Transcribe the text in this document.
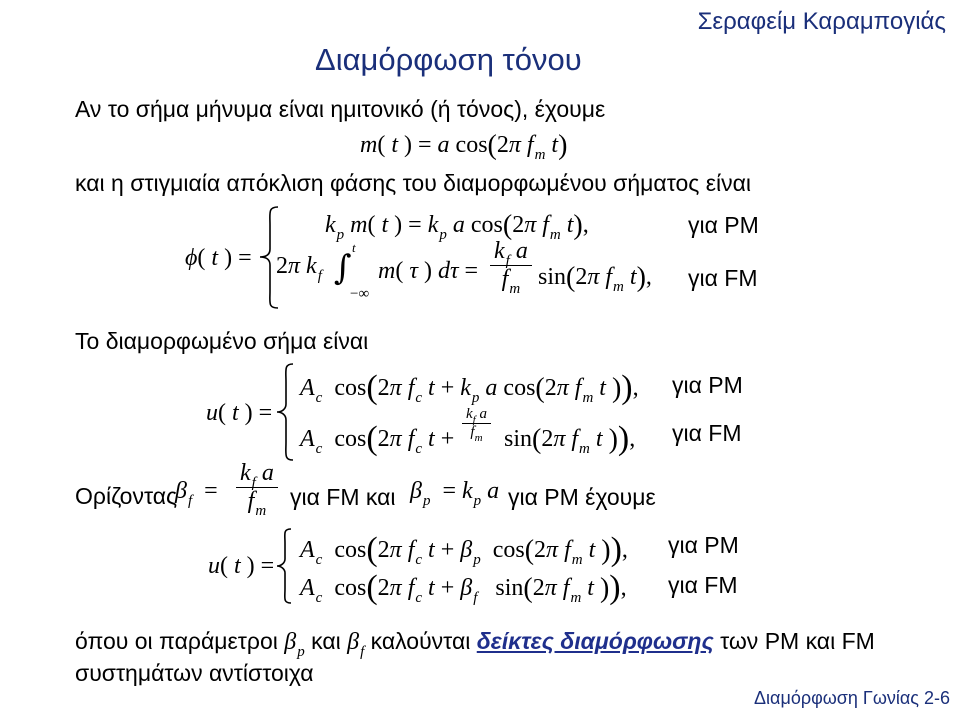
Σεραφείμ Καραμπογιάς
Διαμόρφωση τόνου
Αν το σήμα μήνυμα είναι ημιτονικό (ή τόνος), έχουμε
m( t ) = a cos(2π $f_m$ t)
και η στιγμιαία απόκλιση φάσης του διαμορφωμένου σήματος είναι
ϕ( t ) =
$k_p$ m( t ) = $k_p$ a cos(2π $f_m$ t),	για PM
2π $k_f$ ∫
t
−∞
m( τ ) $d\tau = \frac{k_f a}{f_m} \sin(2\pi$ $f_m$ t), για FM
Το διαμορφωμένο σήμα είναι
u( t ) =
$A_c$  cos(2π $f_c$ $t + k_p$ a cos(2π $f_m$ t )), για PM
$A_c$  cos(2π $f_c$ $t + \frac{k_f a}{f_m} \sin(2\pi$ $f_m$ t )), για FM
Ορίζοντας
$\beta_f = \frac{k_f a}{f_m}$ για FM και $\beta_p = k_p$ a για PM έχουμε
u( t ) =
$A_c$  cos(2π $f_c$ $t + \beta_p$  cos(2π $f_m$ t )), για PM
$A_c$  cos(2π $f_c$ $t + \beta_f$   sin(2π $f_m$ t )), για FM
όπου οι παράμετροι $\beta_p$ και $\beta_f$ καλούνται δείκτες διαμόρφωσης των PM και FM
συστημάτων αντίστοιχα
Διαμόρφωση Γωνίας 2-6
